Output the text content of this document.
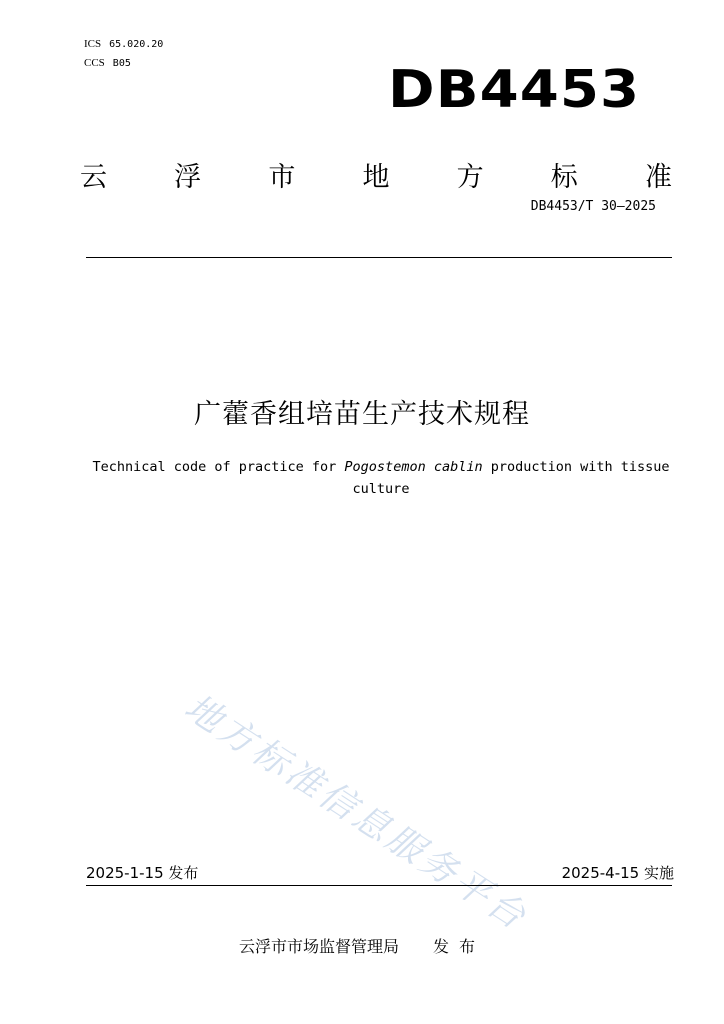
ICS 65.020.20
CCS B05	DB4453
云 浮 市 地 方 标 准
DB4453/T 30—2025
广藿香组培苗生产技术规程
Technical code of practice for Pogostemon cablin production with tissue culture
地方标准信息服务平台
2025-1-15 发布	2025-4-15 实施
云浮市市场监督管理局 发布
